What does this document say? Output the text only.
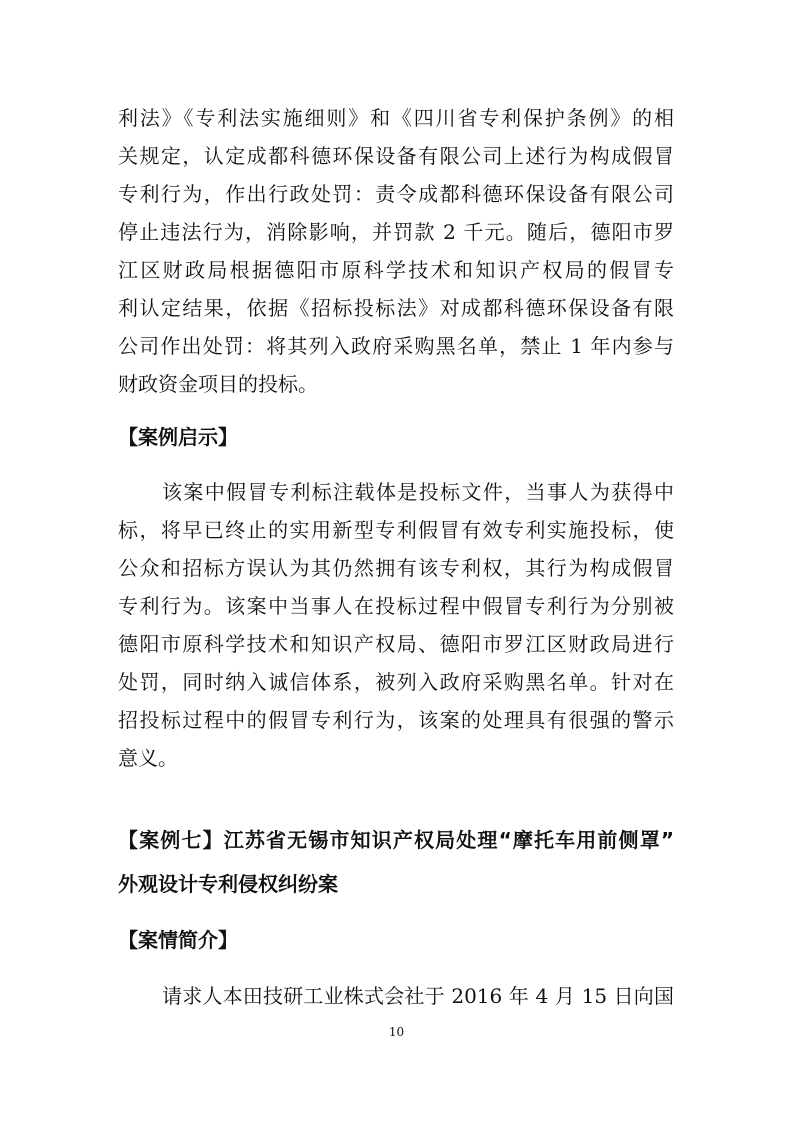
利法》《专利法实施细则》和《四川省专利保护条例》的相
关规定，认定成都科德环保设备有限公司上述行为构成假冒
专利行为，作出行政处罚：责令成都科德环保设备有限公司
停止违法行为，消除影响，并罚款 2 千元。随后，德阳市罗
江区财政局根据德阳市原科学技术和知识产权局的假冒专
利认定结果，依据《招标投标法》对成都科德环保设备有限
公司作出处罚：将其列入政府采购黑名单，禁止 1 年内参与
财政资金项目的投标。
【案例启示】
该案中假冒专利标注载体是投标文件，当事人为获得中
标，将早已终止的实用新型专利假冒有效专利实施投标，使
公众和招标方误认为其仍然拥有该专利权，其行为构成假冒
专利行为。该案中当事人在投标过程中假冒专利行为分别被
德阳市原科学技术和知识产权局、德阳市罗江区财政局进行
处罚，同时纳入诚信体系，被列入政府采购黑名单。针对在
招投标过程中的假冒专利行为，该案的处理具有很强的警示
意义。
【案例七】江苏省无锡市知识产权局处理“摩托车用前侧罩”
外观设计专利侵权纠纷案
【案情简介】
请求人本田技研工业株式会社于 2016 年 4 月 15 日向国
10
